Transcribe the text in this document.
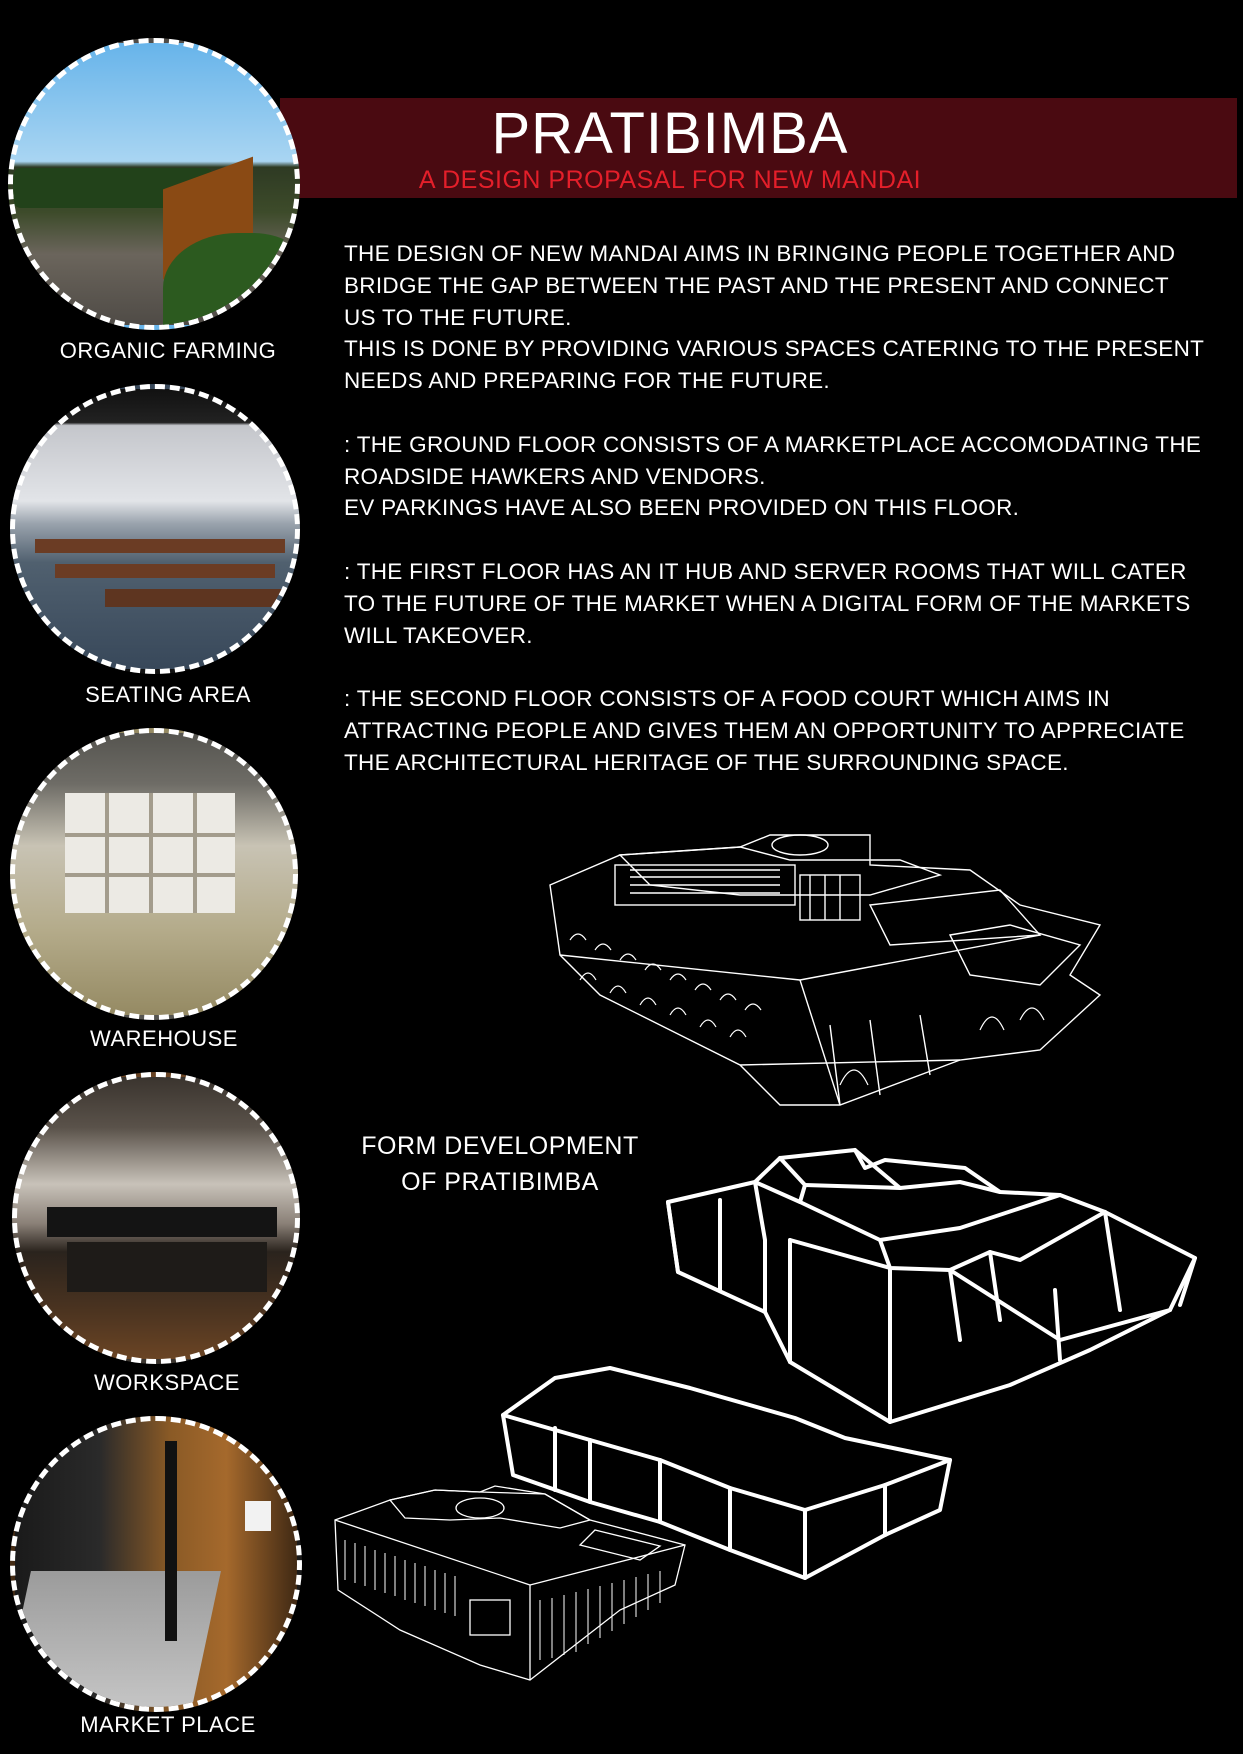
PRATIBIMBA
A DESIGN PROPASAL FOR NEW MANDAI

ORGANIC FARMING

SEATING AREA

WAREHOUSE

WORKSPACE

MARKET PLACE

THE DESIGN OF NEW MANDAI AIMS IN BRINGING PEOPLE TOGETHER AND BRIDGE THE GAP BETWEEN THE PAST AND THE PRESENT AND CONNECT US TO THE FUTURE.
THIS IS DONE BY PROVIDING VARIOUS SPACES CATERING TO THE PRESENT NEEDS AND PREPARING FOR THE FUTURE.

: THE GROUND FLOOR CONSISTS OF A MARKETPLACE ACCOMODATING THE ROADSIDE HAWKERS AND VENDORS.
EV PARKINGS HAVE ALSO BEEN PROVIDED ON THIS FLOOR.

: THE FIRST FLOOR HAS AN IT HUB AND SERVER ROOMS THAT WILL CATER TO THE FUTURE OF THE MARKET WHEN A DIGITAL FORM OF THE MARKETS WILL TAKEOVER.

: THE SECOND FLOOR CONSISTS OF A FOOD COURT WHICH AIMS IN ATTRACTING PEOPLE AND GIVES THEM AN OPPORTUNITY TO APPRECIATE THE ARCHITECTURAL HERITAGE OF THE SURROUNDING SPACE.

FORM DEVELOPMENT
OF PRATIBIMBA
